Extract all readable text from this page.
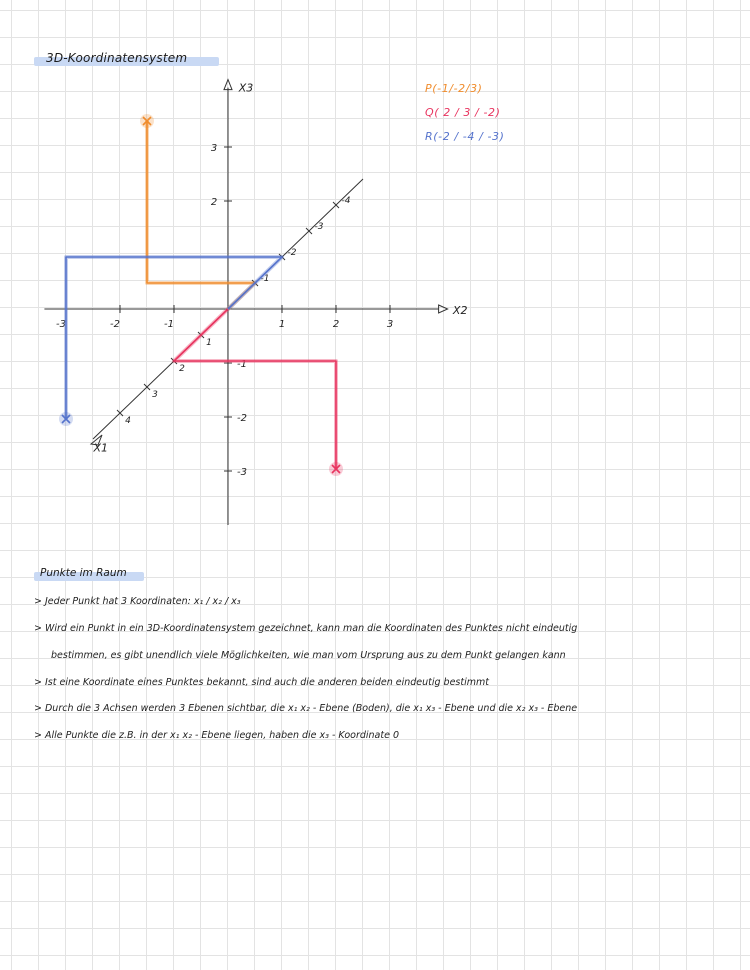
3D-Koordinatensystem
X2
X3
X1
-3	-2	-1	1	2	3
3
2
-1
-2
-3
1
2
3
4
-1
-2
-3
-4
P(-1/-2/3)
Q( 2 / 3 / -2)
R(-2 / -4 / -3)
Punkte im Raum
> Jeder Punkt hat 3 Koordinaten: x₁ / x₂ / x₃
> Wird ein Punkt in ein 3D-Koordinatensystem gezeichnet, kann man die Koordinaten des Punktes nicht eindeutig
bestimmen, es gibt unendlich viele Möglichkeiten, wie man vom Ursprung aus zu dem Punkt gelangen kann
> Ist eine Koordinate eines Punktes bekannt, sind auch die anderen beiden eindeutig bestimmt
> Durch die 3 Achsen werden 3 Ebenen sichtbar, die x₁ x₂ - Ebene (Boden), die x₁ x₃ - Ebene und die x₂ x₃ - Ebene
> Alle Punkte die z.B. in der x₁ x₂ - Ebene liegen, haben die x₃ - Koordinate 0
